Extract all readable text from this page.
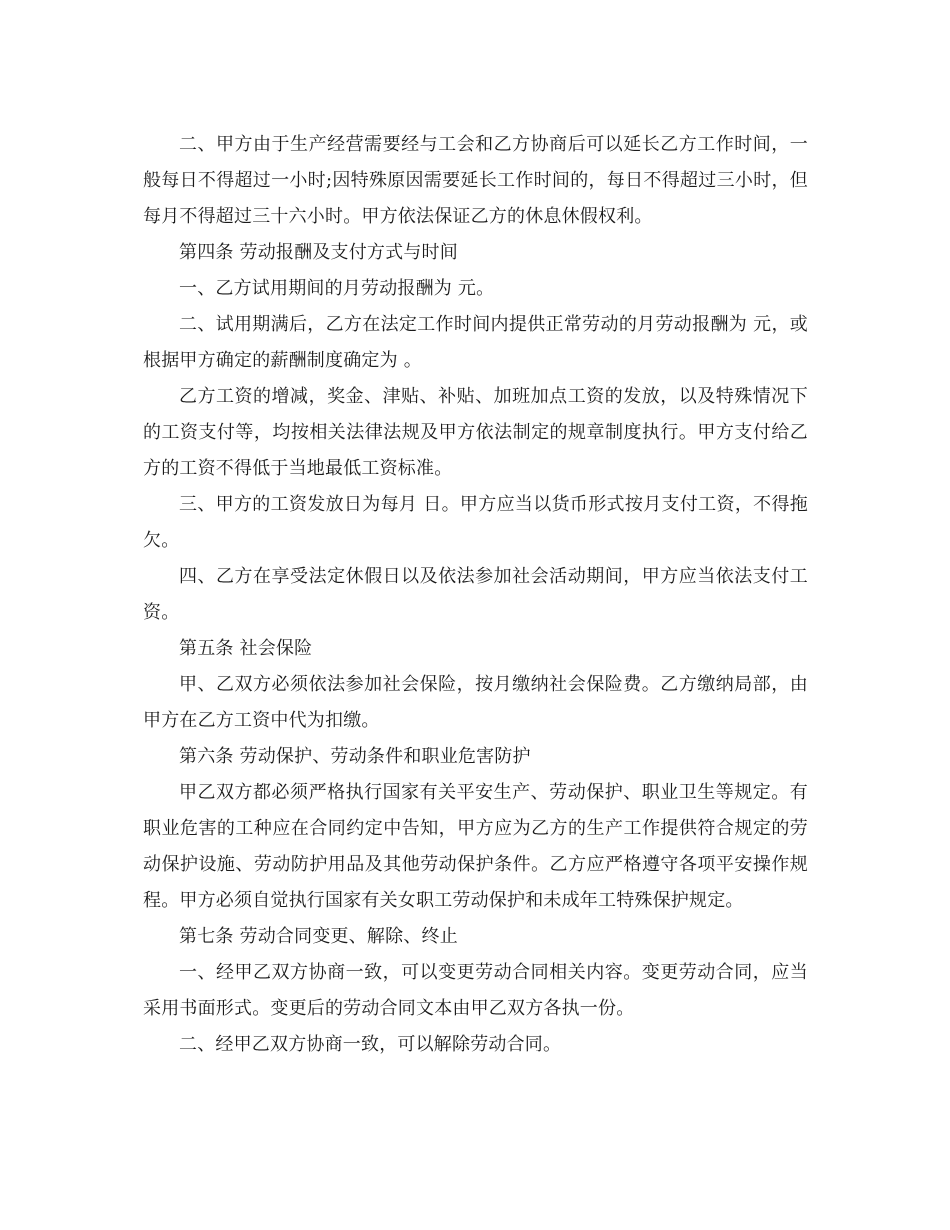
二、甲方由于生产经营需要经与工会和乙方协商后可以延长乙方工作时间，一般每日不得超过一小时;因特殊原因需要延长工作时间的，每日不得超过三小时，但每月不得超过三十六小时。甲方依法保证乙方的休息休假权利。

第四条 劳动报酬及支付方式与时间

一、乙方试用期间的月劳动报酬为 元。

二、试用期满后，乙方在法定工作时间内提供正常劳动的月劳动报酬为 元，或根据甲方确定的薪酬制度确定为 。

乙方工资的增减，奖金、津贴、补贴、加班加点工资的发放，以及特殊情况下的工资支付等，均按相关法律法规及甲方依法制定的规章制度执行。甲方支付给乙方的工资不得低于当地最低工资标准。

三、甲方的工资发放日为每月 日。甲方应当以货币形式按月支付工资，不得拖欠。

四、乙方在享受法定休假日以及依法参加社会活动期间，甲方应当依法支付工资。

第五条 社会保险

甲、乙双方必须依法参加社会保险，按月缴纳社会保险费。乙方缴纳局部，由甲方在乙方工资中代为扣缴。

第六条 劳动保护、劳动条件和职业危害防护

甲乙双方都必须严格执行国家有关平安生产、劳动保护、职业卫生等规定。有职业危害的工种应在合同约定中告知，甲方应为乙方的生产工作提供符合规定的劳动保护设施、劳动防护用品及其他劳动保护条件。乙方应严格遵守各项平安操作规程。甲方必须自觉执行国家有关女职工劳动保护和未成年工特殊保护规定。

第七条 劳动合同变更、解除、终止

一、经甲乙双方协商一致，可以变更劳动合同相关内容。变更劳动合同，应当采用书面形式。变更后的劳动合同文本由甲乙双方各执一份。

二、经甲乙双方协商一致，可以解除劳动合同。
